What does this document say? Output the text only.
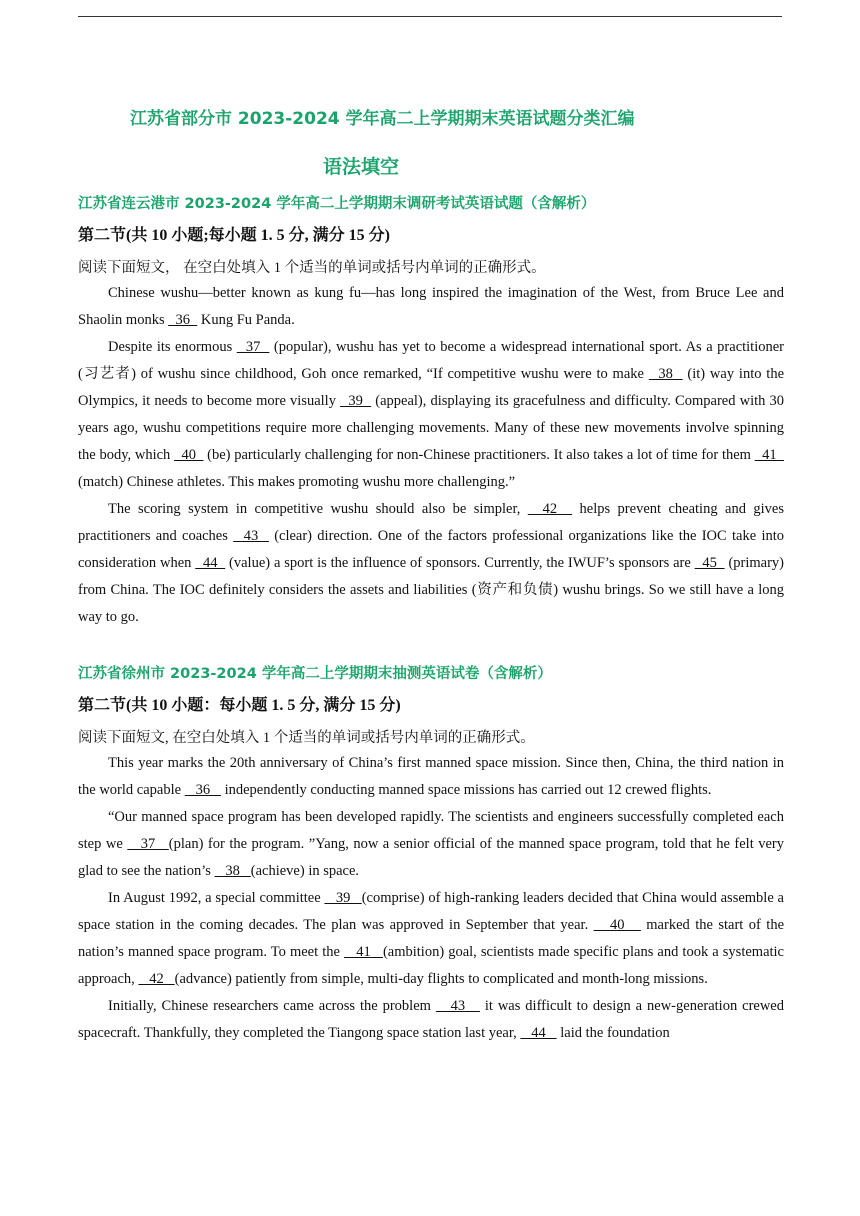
江苏省部分市 2023-2024 学年高二上学期期末英语试题分类汇编
语法填空
江苏省连云港市 2023-2024 学年高二上学期期末调研考试英语试题（含解析）
第二节(共 10 小题;每小题 1. 5 分, 满分 15 分)
阅读下面短文， 在空白处填入 1 个适当的单词或括号内单词的正确形式。

Chinese wushu—better known as kung fu—has long inspired the imagination of the West, from Bruce Lee and Shaolin monks   36   Kung Fu Panda.

Despite its enormous   37   (popular), wushu has yet to become a widespread international sport. As a practitioner (习艺者) of wushu since childhood, Goh once remarked, “If competitive wushu were to make   38   (it) way into the Olympics, it needs to become more visually   39   (appeal), displaying its gracefulness and difficulty. Compared with 30 years ago, wushu competitions require more challenging movements. Many of these new movements involve spinning the body, which   40   (be) particularly challenging for non-Chinese practitioners. It also takes a lot of time for them   41   (match) Chinese athletes. This makes promoting wushu more challenging.”

The scoring system in competitive wushu should also be simpler,   42   helps prevent cheating and gives practitioners and coaches   43   (clear) direction. One of the factors professional organizations like the IOC take into consideration when   44   (value) a sport is the influence of sponsors. Currently, the IWUF’s sponsors are   45   (primary) from China. The IOC definitely considers the assets and liabilities (资产和负债) wushu brings. So we still have a long way to go.

江苏省徐州市 2023-2024 学年高二上学期期末抽测英语试卷（含解析）
第二节(共 10 小题：每小题 1. 5 分, 满分 15 分)
阅读下面短文, 在空白处填入 1 个适当的单词或括号内单词的正确形式。

This year marks the 20th anniversary of China’s first manned space mission. Since then, China, the third nation in the world capable    36    independently conducting manned space missions has carried out 12 crewed flights.

“Our manned space program has been developed rapidly. The scientists and engineers successfully completed each step we    37   (plan) for the program. ”Yang, now a senior official of the manned space program, told that he felt very glad to see the nation’s    38   (achieve) in space.

In August 1992, a special committee    39   (comprise) of high-ranking leaders decided that China would assemble a space station in the coming decades. The plan was approved in September that year.    40    marked the start of the nation’s manned space program. To meet the    41   (ambition) goal, scientists made specific plans and took a systematic approach,    42   (advance) patiently from simple, multi-day flights to complicated and month-long missions.

Initially, Chinese researchers came across the problem    43    it was difficult to design a new-generation crewed spacecraft. Thankfully, they completed the Tiangong space station last year,    44    laid the foundation
